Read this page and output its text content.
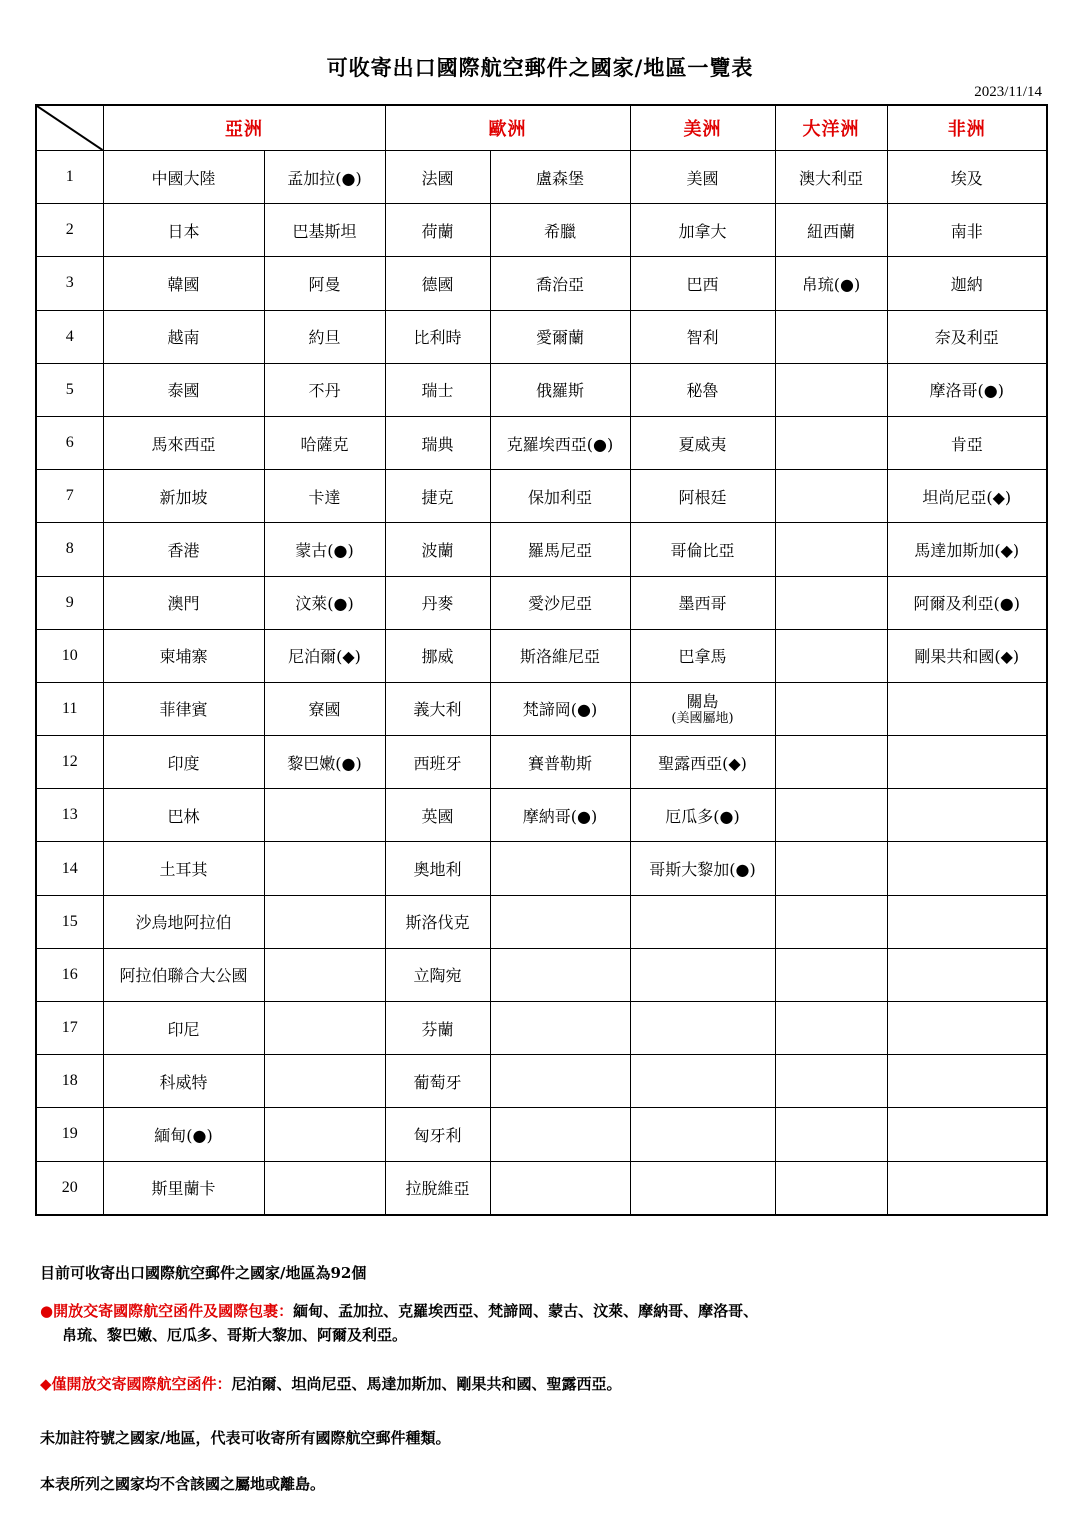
可收寄出口國際航空郵件之國家/地區一覽表
2023/11/14
	亞洲		歐洲		美洲	大洋洲	非洲
1	中國大陸	孟加拉(●)	法國	盧森堡	美國	澳大利亞	埃及
2	日本	巴基斯坦	荷蘭	希臘	加拿大	紐西蘭	南非
3	韓國	阿曼	德國	喬治亞	巴西	帛琉(●)	迦納
4	越南	約旦	比利時	愛爾蘭	智利		奈及利亞
5	泰國	不丹	瑞士	俄羅斯	秘魯		摩洛哥(●)
6	馬來西亞	哈薩克	瑞典	克羅埃西亞(●)	夏威夷		肯亞
7	新加坡	卡達	捷克	保加利亞	阿根廷		坦尚尼亞(◆)
8	香港	蒙古(●)	波蘭	羅馬尼亞	哥倫比亞		馬達加斯加(◆)
9	澳門	汶萊(●)	丹麥	愛沙尼亞	墨西哥		阿爾及利亞(●)
10	柬埔寨	尼泊爾(◆)	挪威	斯洛維尼亞	巴拿馬		剛果共和國(◆)
11	菲律賓	寮國	義大利	梵諦岡(●)	關島
(美國屬地)		

12	印度	黎巴嫩(●)	西班牙	賽普勒斯	聖露西亞(◆)		
13	巴林		英國	摩納哥(●)	厄瓜多(●)		
14	土耳其		奧地利		哥斯大黎加(●)		
15	沙烏地阿拉伯		斯洛伐克				
16	阿拉伯聯合大公國		立陶宛				
17	印尼		芬蘭				
18	科威特		葡萄牙				
19	緬甸(●)		匈牙利				
20	斯里蘭卡		拉脫維亞				
目前可收寄出口國際航空郵件之國家/地區為92個
●開放交寄國際航空函件及國際包裹：緬甸、孟加拉、克羅埃西亞、梵諦岡、蒙古、汶萊、摩納哥、摩洛哥、
帛琉、黎巴嫩、厄瓜多、哥斯大黎加、阿爾及利亞。
◆僅開放交寄國際航空函件：尼泊爾、坦尚尼亞、馬達加斯加、剛果共和國、聖露西亞。
未加註符號之國家/地區，代表可收寄所有國際航空郵件種類。
本表所列之國家均不含該國之屬地或離島。
